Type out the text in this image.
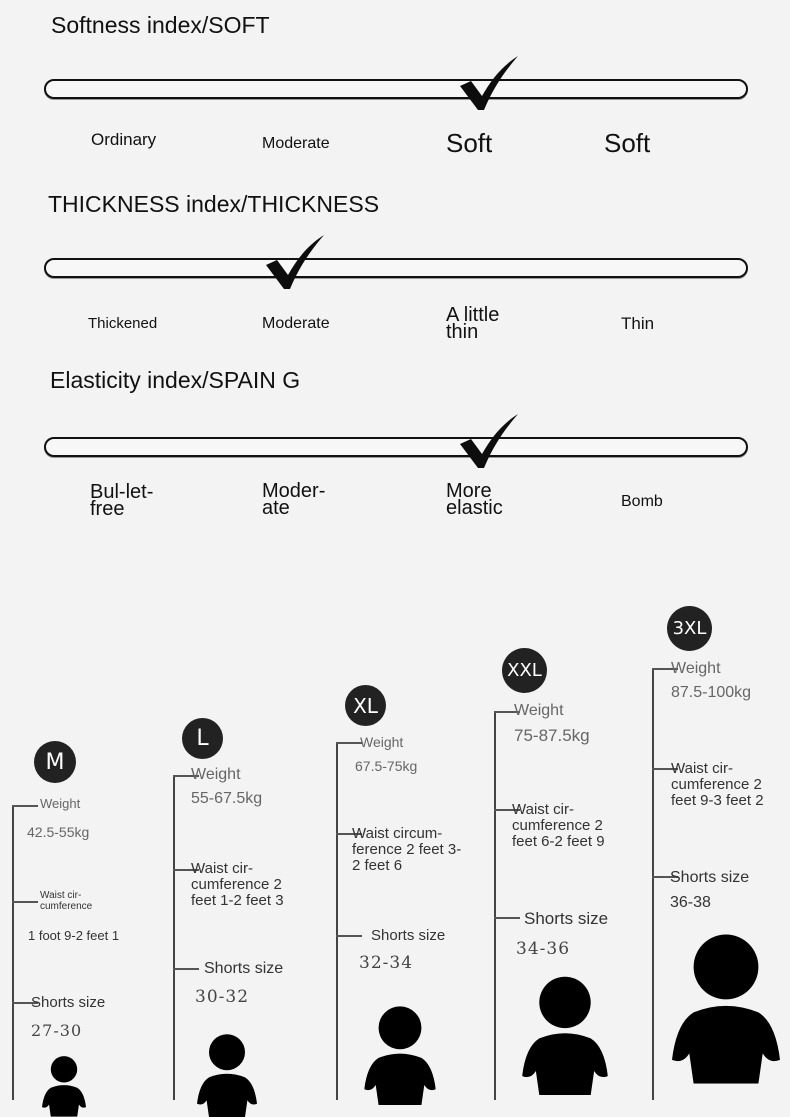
Softness index/SOFT
Ordinary	Moderate	Soft	Soft
THICKNESS index/THICKNESS
Thickened	Moderate	A little thin	Thin
Elasticity index/SPAIN G
Bul-let-free
Moder-ate
More elastic	Bomb
M
Weight
42.5-55kg
Waist cir-cumference
1 foot 9-2 feet 1
Shorts size
27-30
L
Weight
55-67.5kg
Waist cir-cumference 2 feet 1-2 feet 3
Shorts size
30-32
XL
Weight
67.5-75kg
Waist circum-ference 2 feet 3-2 feet 6
Shorts size
32-34
XXL
Weight
75-87.5kg
Waist cir-cumference 2 feet 6-2 feet 9
Shorts size
34-36
3XL
Weight
87.5-100kg
Waist cir-cumference 2 feet 9-3 feet 2
Shorts size
36-38
